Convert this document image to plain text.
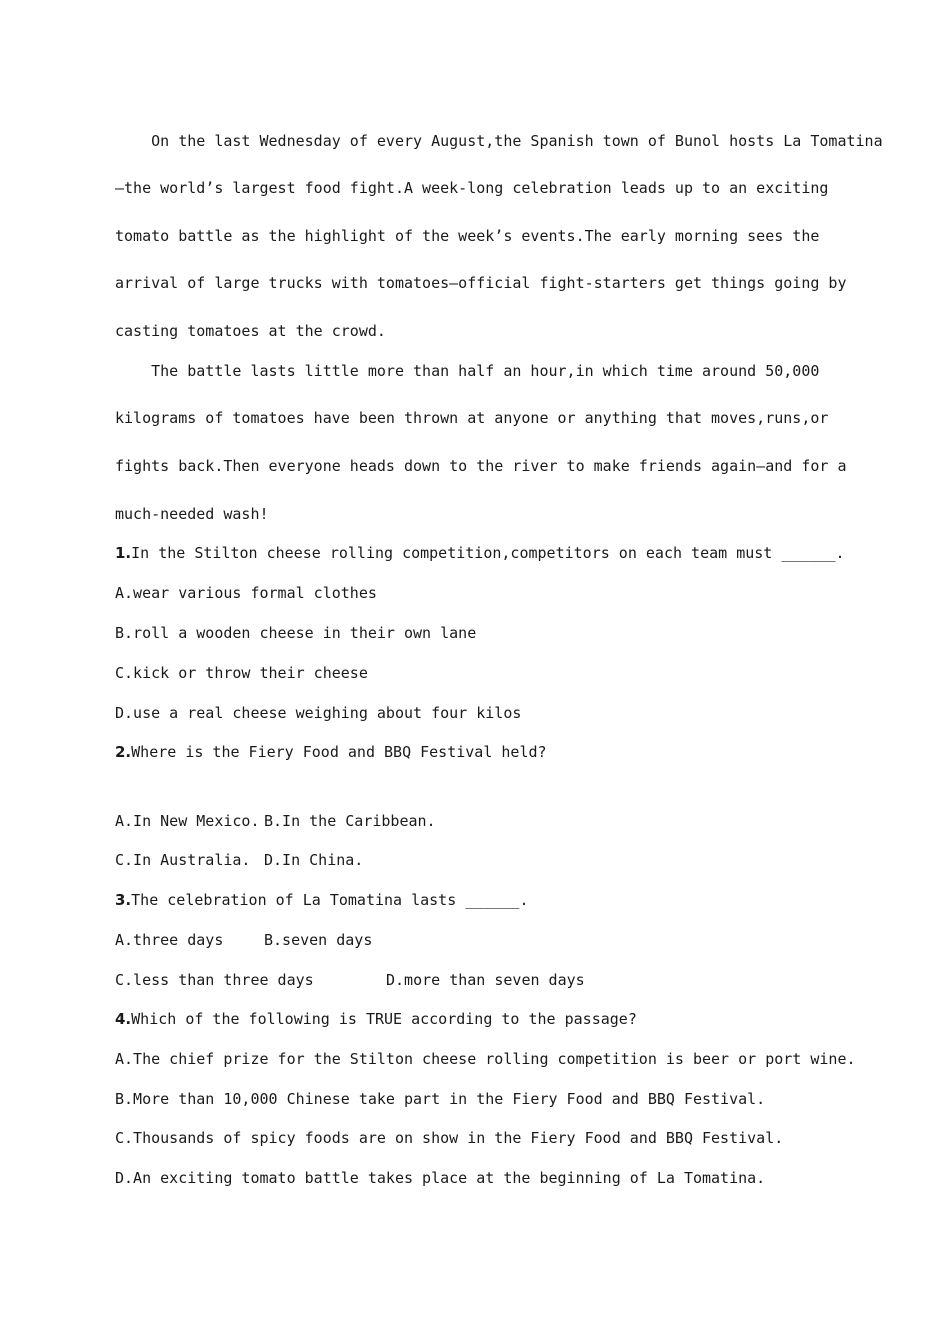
On the last Wednesday of every August,the Spanish town of Bunol hosts La Tomatina

—the world’s largest food fight.A week-long celebration leads up to an exciting

tomato battle as the highlight of the week’s events.The early morning sees the

arrival of large trucks with tomatoes—official fight-starters get things going by

casting tomatoes at the crowd.

The battle lasts little more than half an hour,in which time around 50,000

kilograms of tomatoes have been thrown at anyone or anything that moves,runs,or

fights back.Then everyone heads down to the river to make friends again—and for a

much-needed wash!

1.In the Stilton cheese rolling competition,competitors on each team must ______.

A.wear various formal clothes

B.roll a wooden cheese in their own lane

C.kick or throw their cheese

D.use a real cheese weighing about four kilos

2.Where is the Fiery Food and BBQ Festival held?

A.In New Mexico. B.In the Caribbean.
C.In Australia. D.In China.

3.The celebration of La Tomatina lasts ______.

A.three days	B.seven days
C.less than three days	D.more than seven days

4.Which of the following is TRUE according to the passage?

A.The chief prize for the Stilton cheese rolling competition is beer or port wine.

B.More than 10,000 Chinese take part in the Fiery Food and BBQ Festival.

C.Thousands of spicy foods are on show in the Fiery Food and BBQ Festival.

D.An exciting tomato battle takes place at the beginning of La Tomatina.
